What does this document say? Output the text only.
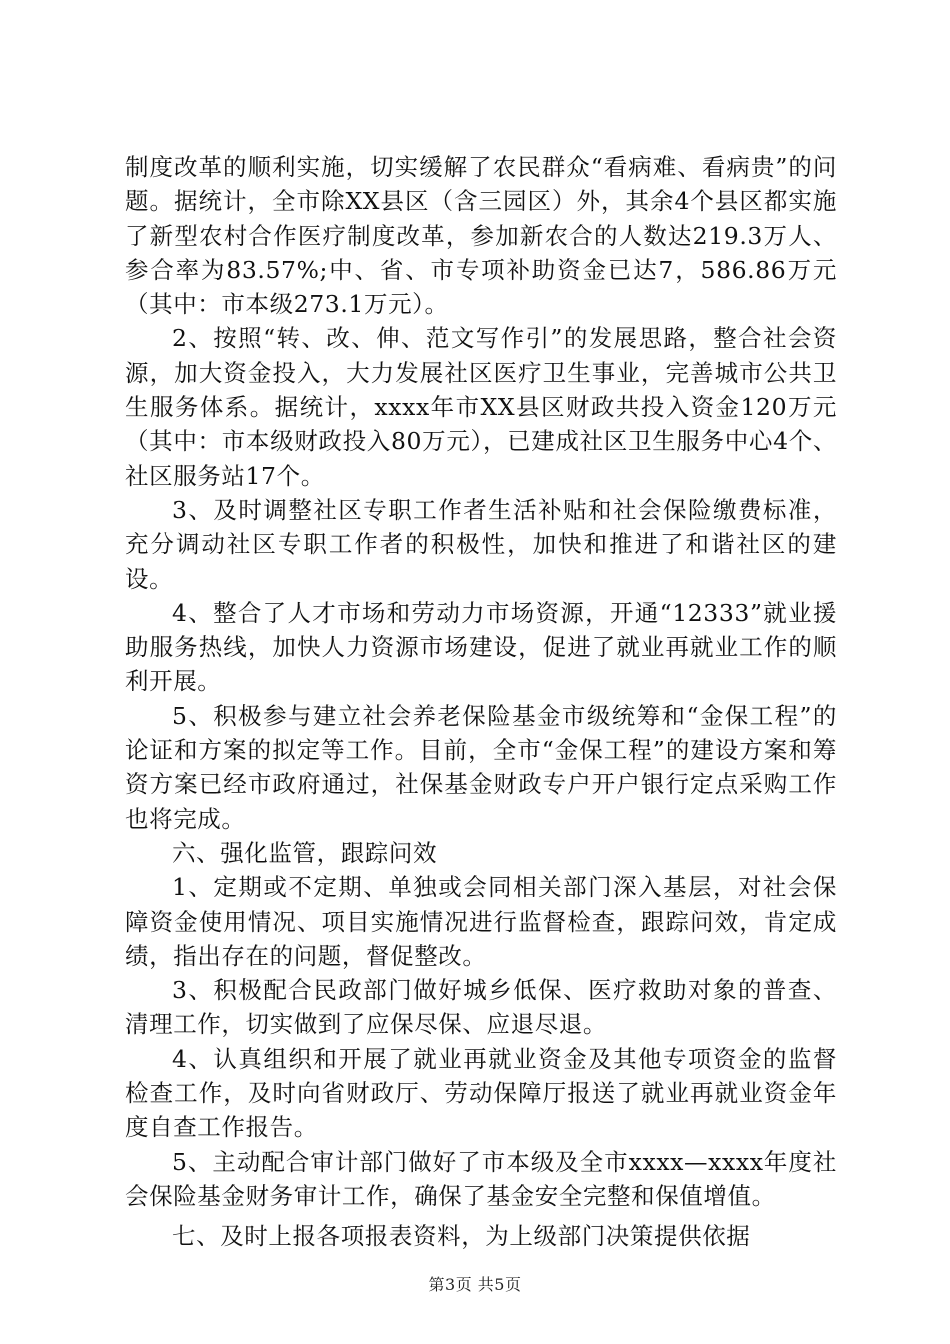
制度改革的顺利实施，切实缓解了农民群众“看病难、看病贵”的问题。据统计，全市除XX县区（含三园区）外，其余4个县区都实施了新型农村合作医疗制度改革，参加新农合的人数达219.3万人、参合率为83.57%;中、省、市专项补助资金已达7，586.86万元（其中：市本级273.1万元）。

2、按照“转、改、伸、范文写作引”的发展思路，整合社会资源，加大资金投入，大力发展社区医疗卫生事业，完善城市公共卫生服务体系。据统计，xxxx年市XX县区财政共投入资金120万元（其中：市本级财政投入80万元），已建成社区卫生服务中心4个、社区服务站17个。

3、及时调整社区专职工作者生活补贴和社会保险缴费标准，充分调动社区专职工作者的积极性，加快和推进了和谐社区的建设。

4、整合了人才市场和劳动力市场资源，开通“12333”就业援助服务热线，加快人力资源市场建设，促进了就业再就业工作的顺利开展。

5、积极参与建立社会养老保险基金市级统筹和“金保工程”的论证和方案的拟定等工作。目前，全市“金保工程”的建设方案和筹资方案已经市政府通过，社保基金财政专户开户银行定点采购工作也将完成。

六、强化监管，跟踪问效

1、定期或不定期、单独或会同相关部门深入基层，对社会保障资金使用情况、项目实施情况进行监督检查，跟踪问效，肯定成绩，指出存在的问题，督促整改。

3、积极配合民政部门做好城乡低保、医疗救助对象的普查、清理工作，切实做到了应保尽保、应退尽退。

4、认真组织和开展了就业再就业资金及其他专项资金的监督检查工作，及时向省财政厅、劳动保障厅报送了就业再就业资金年度自查工作报告。

5、主动配合审计部门做好了市本级及全市xxxx—xxxx年度社会保险基金财务审计工作，确保了基金安全完整和保值增值。

七、及时上报各项报表资料，为上级部门决策提供依据

第3页 共5页
